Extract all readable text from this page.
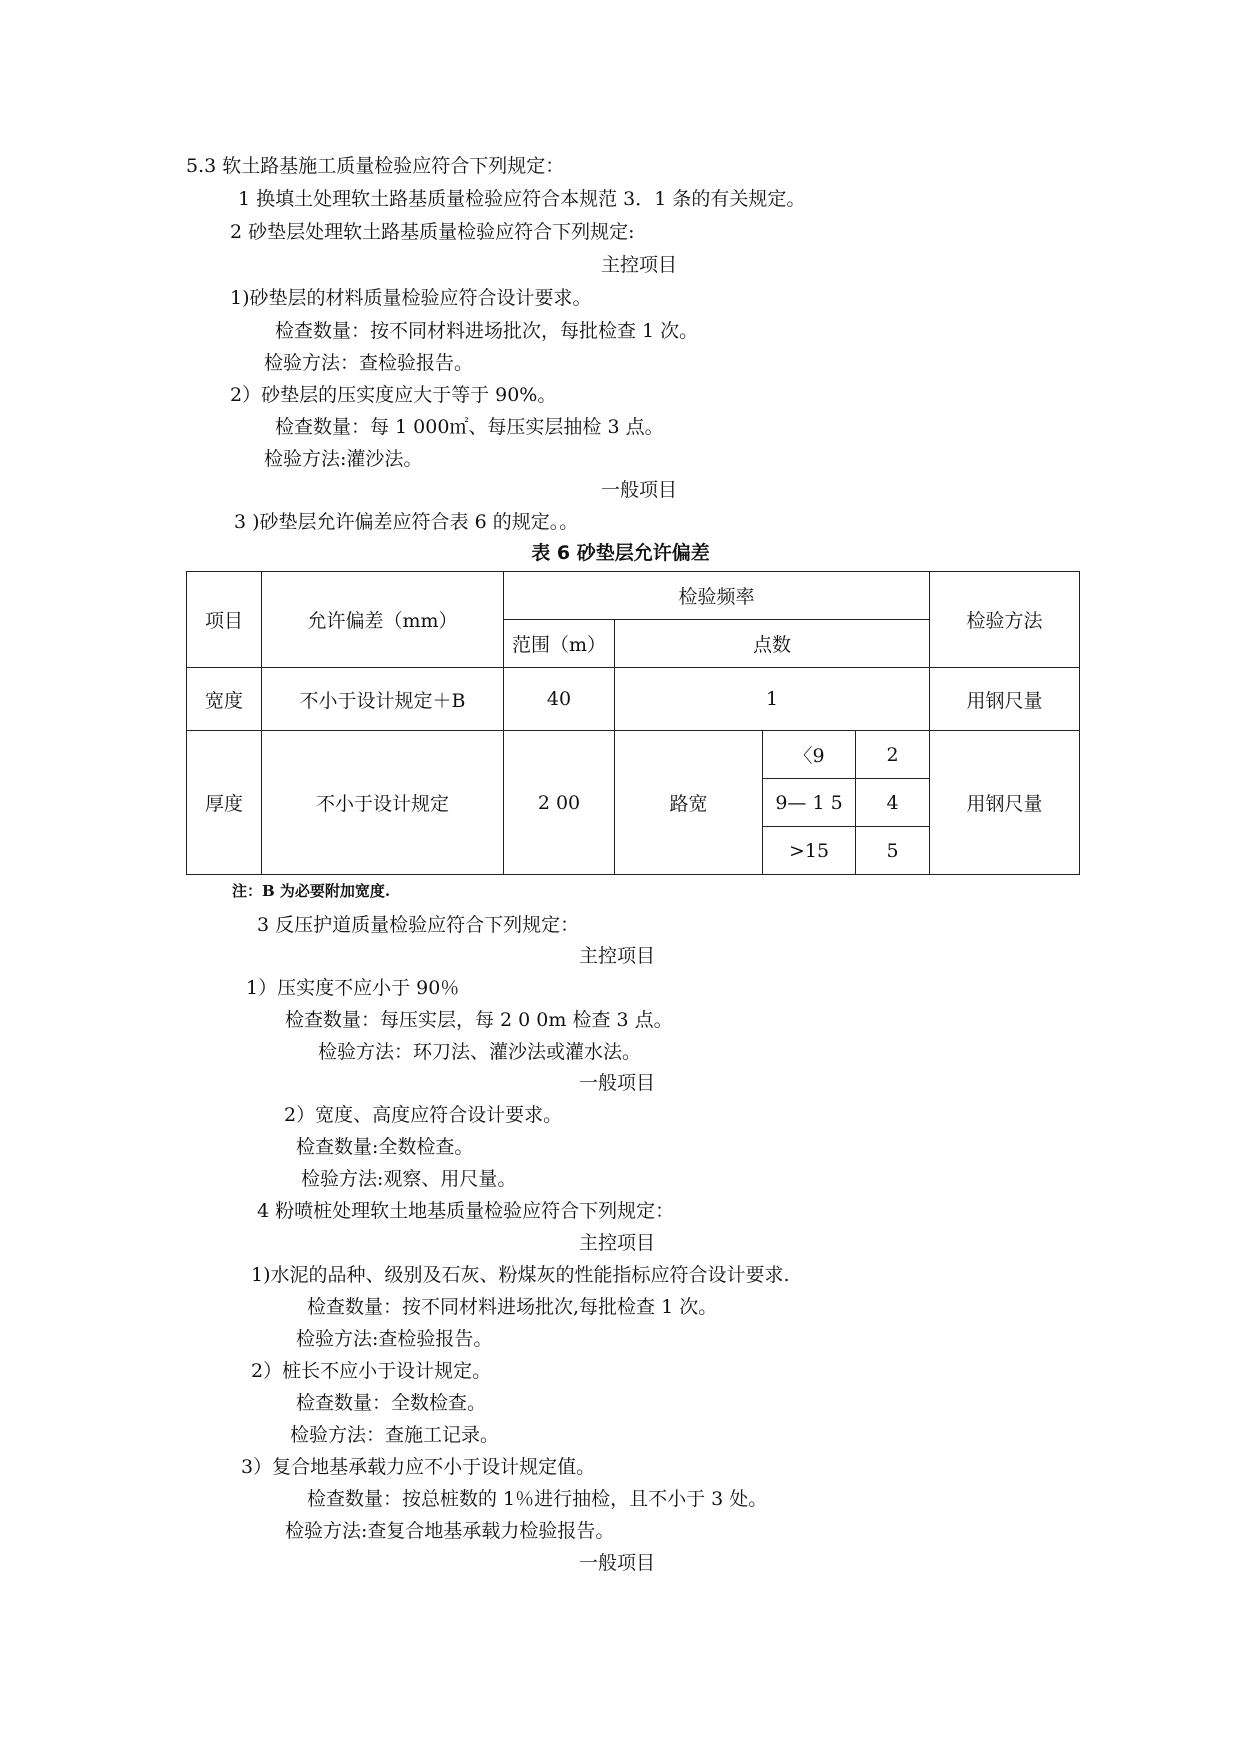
5.3 软土路基施工质量检验应符合下列规定：
1 换填土处理软土路基质量检验应符合本规范 3．1 条的有关规定。
2 砂垫层处理软土路基质量检验应符合下列规定:
主控项目
1)砂垫层的材料质量检验应符合设计要求。
检查数量：按不同材料进场批次，每批检查 1 次。
检验方法：查检验报告。
2）砂垫层的压实度应大于等于 90%。
检查数量：每 1 000㎡、每压实层抽检 3 点。
检验方法:灌沙法。
一般项目
3 )砂垫层允许偏差应符合表 6 的规定。。
表 6 砂垫层允许偏差
项目	允许偏差（mm）	检验频率				检验方法
		范围（m）	点数			
宽度	不小于设计规定＋B	40	1			用钢尺量
厚度	不小于设计规定	2 00	路宽	〈9	2	用钢尺量
				9— 1 5	4	
				>15	5	
注：B 为必要附加宽度.
3 反压护道质量检验应符合下列规定：
主控项目
1）压实度不应小于 90％
检查数量：每压实层，每 2 0 0m 检查 3 点。
检验方法：环刀法、灌沙法或灌水法。
一般项目
2）宽度、高度应符合设计要求。
检查数量:全数检查。
检验方法:观察、用尺量。
4 粉喷桩处理软土地基质量检验应符合下列规定：
主控项目
1)水泥的品种、级别及石灰、粉煤灰的性能指标应符合设计要求.
检查数量：按不同材料进场批次,每批检查 1 次。
检验方法:查检验报告。
2）桩长不应小于设计规定。
检查数量：全数检查。
检验方法：查施工记录。
3）复合地基承载力应不小于设计规定值。
检查数量：按总桩数的 1％进行抽检，且不小于 3 处。
检验方法:查复合地基承载力检验报告。
一般项目
